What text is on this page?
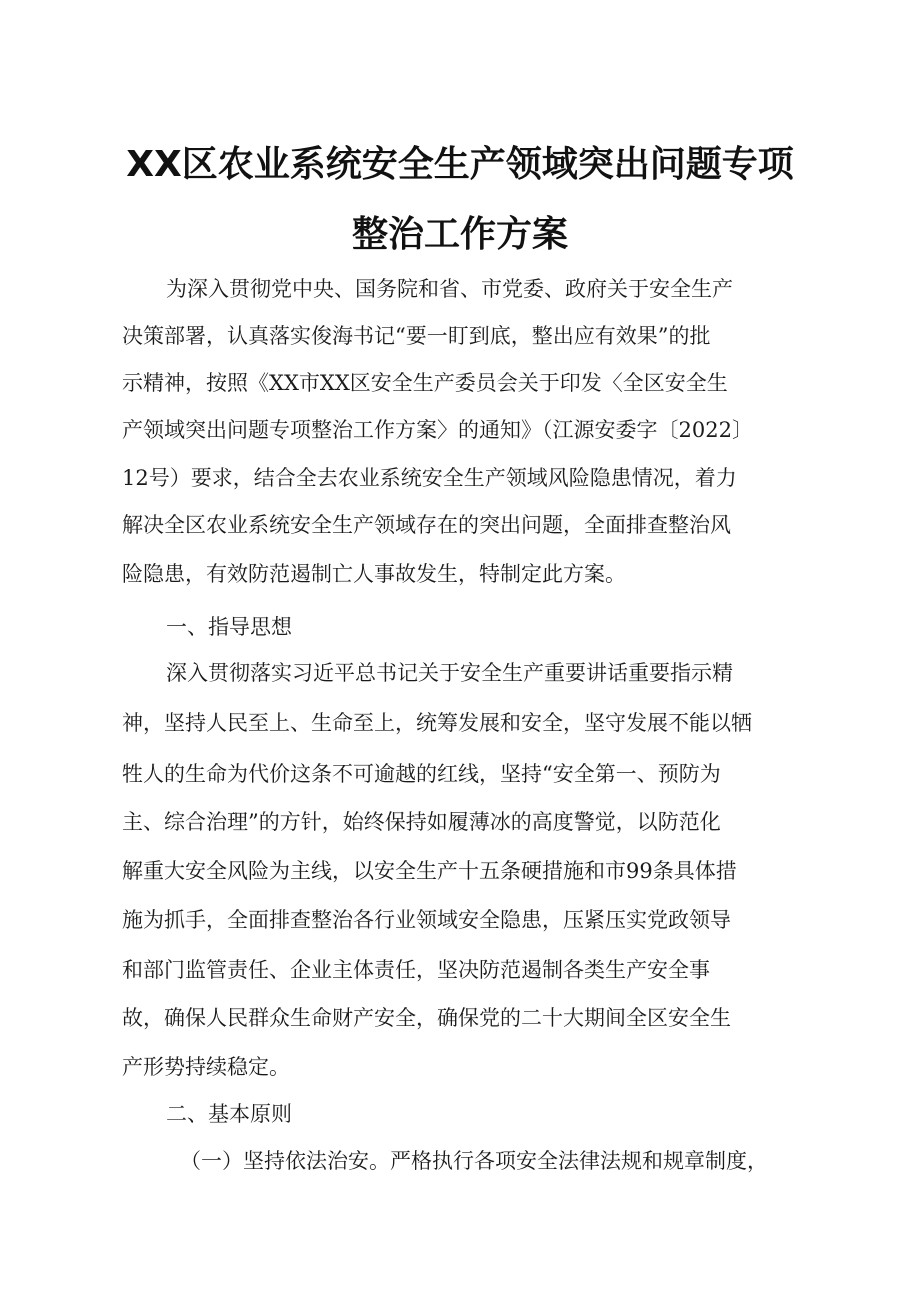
XX区农业系统安全生产领域突出问题专项
整治工作方案
为深入贯彻党中央、国务院和省、市党委、政府关于安全生产
决策部署，认真落实俊海书记“要一盯到底，整出应有效果”的批
示精神，按照《XX市XX区安全生产委员会关于印发〈全区安全生
产领域突出问题专项整治工作方案〉的通知》（江源安委字〔2022〕
12号）要求，结合全去农业系统安全生产领域风险隐患情况，着力
解决全区农业系统安全生产领域存在的突出问题，全面排查整治风
险隐患，有效防范遏制亡人事故发生，特制定此方案。
一、指导思想
深入贯彻落实习近平总书记关于安全生产重要讲话重要指示精
神，坚持人民至上、生命至上，统筹发展和安全，坚守发展不能以牺
牲人的生命为代价这条不可逾越的红线，坚持“安全第一、预防为
主、综合治理”的方针，始终保持如履薄冰的高度警觉，以防范化
解重大安全风险为主线，以安全生产十五条硬措施和市99条具体措
施为抓手，全面排查整治各行业领域安全隐患，压紧压实党政领导
和部门监管责任、企业主体责任，坚决防范遏制各类生产安全事
故，确保人民群众生命财产安全，确保党的二十大期间全区安全生
产形势持续稳定。
二、基本原则
（一）坚持依法治安。严格执行各项安全法律法规和规章制度，
